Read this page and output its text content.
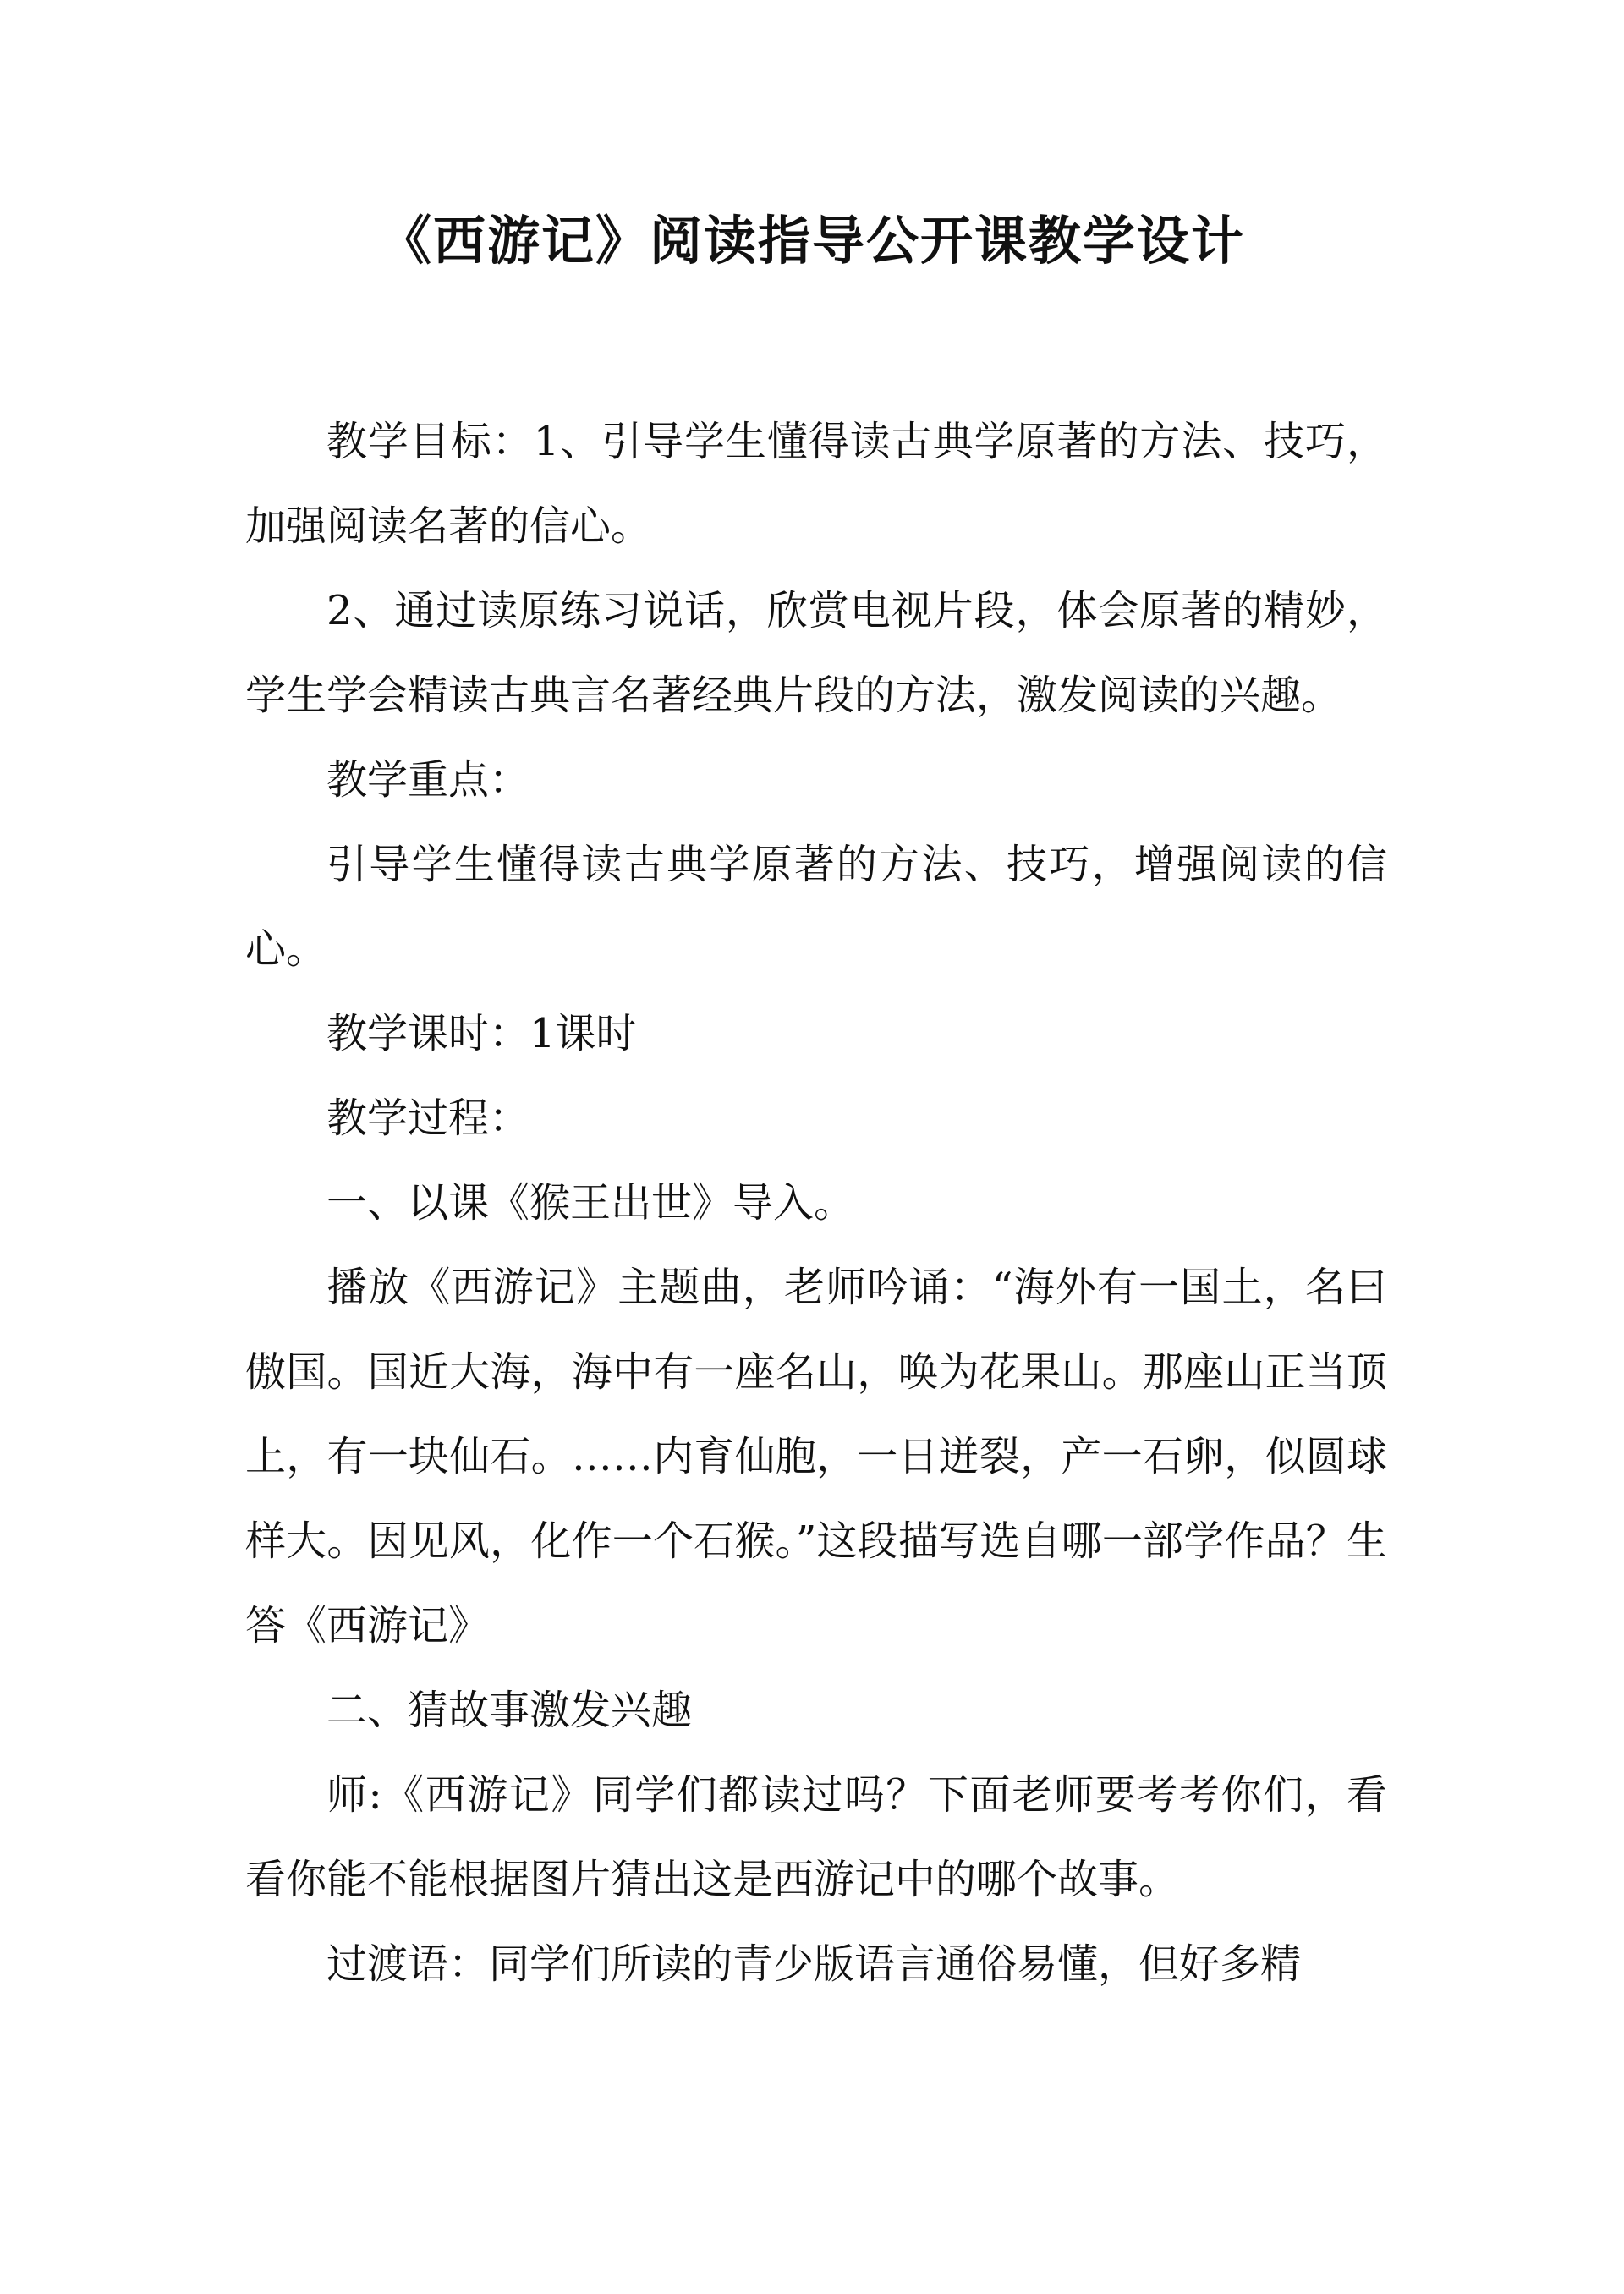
《西游记》阅读指导公开课教学设计

教学目标：1、引导学生懂得读古典学原著的方法、技巧，加强阅读名著的信心。

2、通过读原练习说话，欣赏电视片段，体会原著的精妙，学生学会精读古典言名著经典片段的方法，激发阅读的兴趣。

教学重点：

引导学生懂得读古典学原著的方法、技巧，增强阅读的信心。

教学课时：1课时

教学过程：

一、以课《猴王出世》导入。

播放《西游记》主题曲，老师吟诵：“海外有一国土，名曰傲国。国近大海，海中有一座名山，唤为花果山。那座山正当顶上，有一块仙石。……内育仙胞，一日迸裂，产一石卵，似圆球样大。因见风，化作一个石猴。”这段描写选自哪一部学作品？生答《西游记》

二、猜故事激发兴趣

师:《西游记》同学们都读过吗？下面老师要考考你们，看看你能不能根据图片猜出这是西游记中的哪个故事。

过渡语：同学们所读的青少版语言通俗易懂，但好多精
